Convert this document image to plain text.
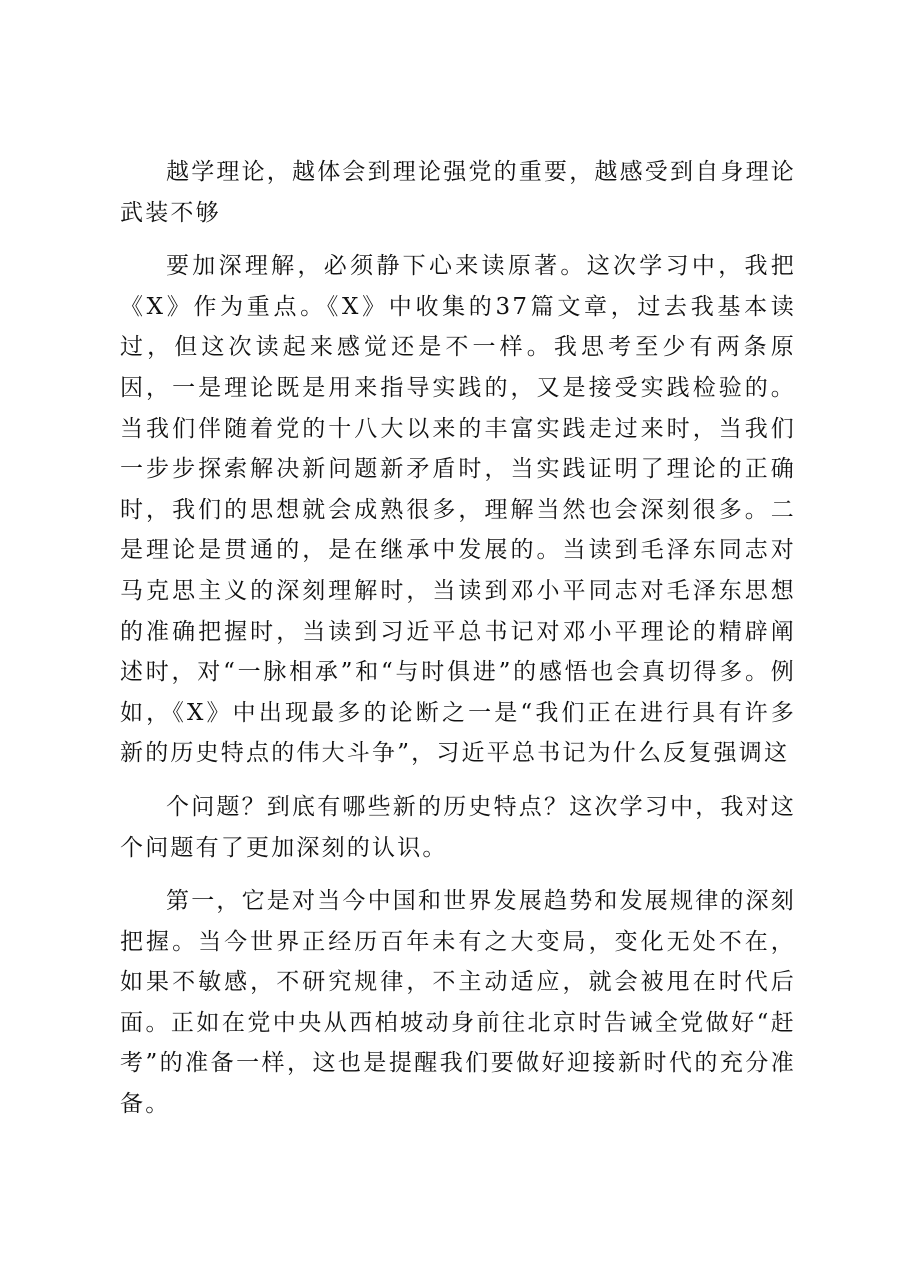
越学理论，越体会到理论强党的重要，越感受到自身理论武装不够

要加深理解，必须静下心来读原著。这次学习中，我把《X》作为重点。《X》中收集的37篇文章，过去我基本读过，但这次读起来感觉还是不一样。我思考至少有两条原因，一是理论既是用来指导实践的，又是接受实践检验的。当我们伴随着党的十八大以来的丰富实践走过来时，当我们一步步探索解决新问题新矛盾时，当实践证明了理论的正确时，我们的思想就会成熟很多，理解当然也会深刻很多。二是理论是贯通的，是在继承中发展的。当读到毛泽东同志对马克思主义的深刻理解时，当读到邓小平同志对毛泽东思想的准确把握时，当读到习近平总书记对邓小平理论的精辟阐述时，对“一脉相承”和“与时俱进”的感悟也会真切得多。例如，《X》中出现最多的论断之一是“我们正在进行具有许多新的历史特点的伟大斗争”，习近平总书记为什么反复强调这

个问题？到底有哪些新的历史特点？这次学习中，我对这个问题有了更加深刻的认识。

第一，它是对当今中国和世界发展趋势和发展规律的深刻把握。当今世界正经历百年未有之大变局，变化无处不在，如果不敏感，不研究规律，不主动适应，就会被甩在时代后面。正如在党中央从西柏坡动身前往北京时告诫全党做好“赶考”的准备一样，这也是提醒我们要做好迎接新时代的充分准备。
